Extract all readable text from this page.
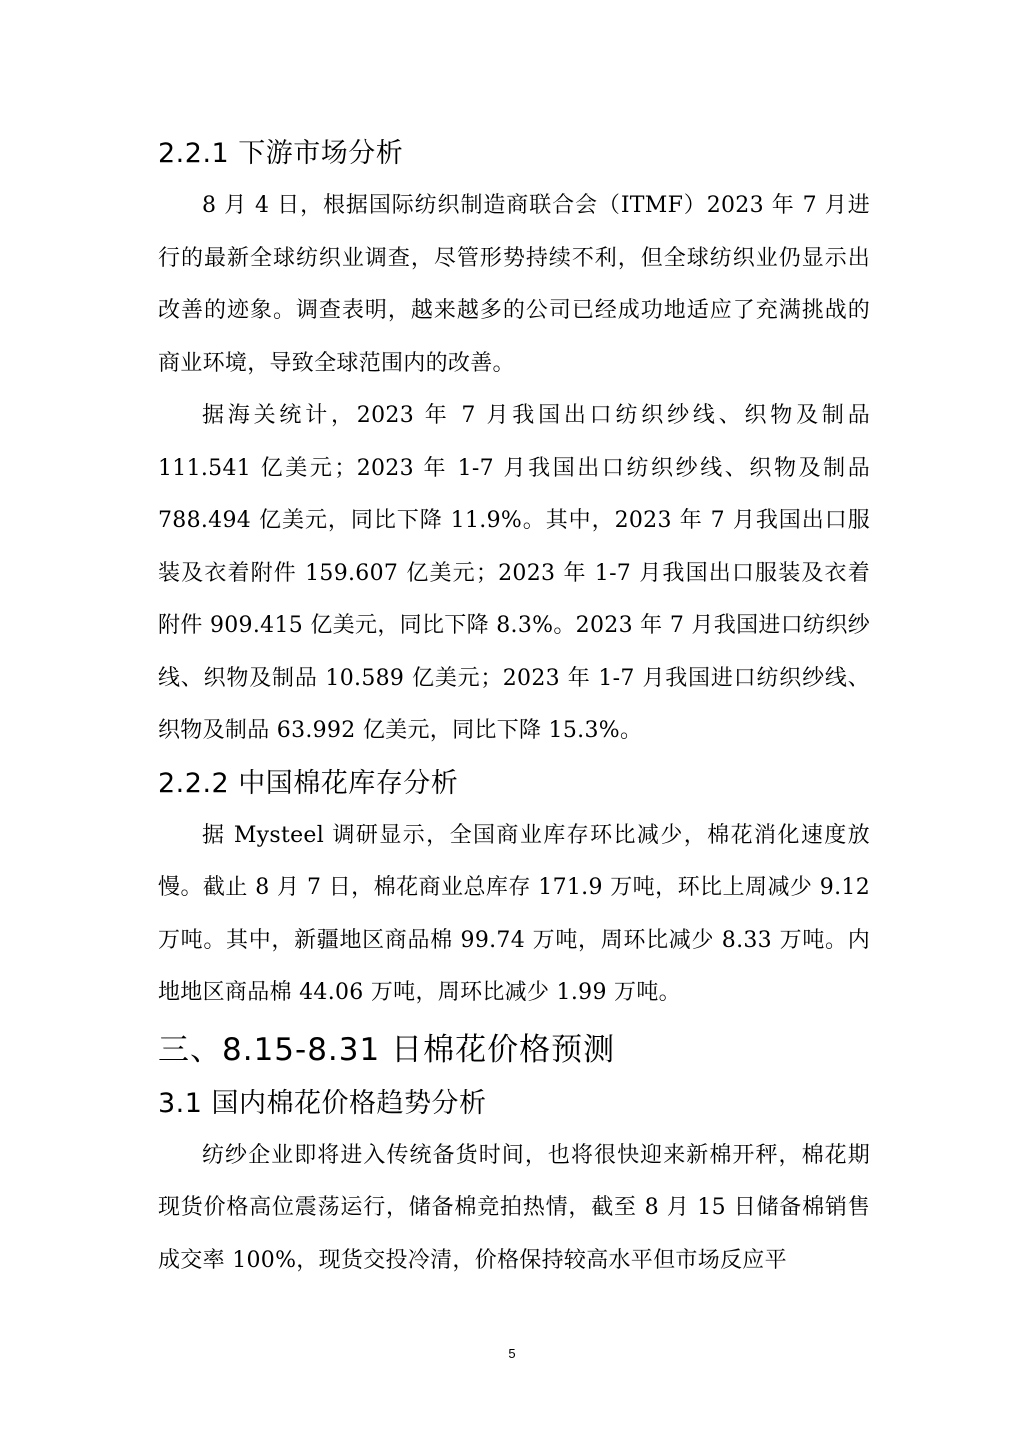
2.2.1 下游市场分析

8 月 4 日，根据国际纺织制造商联合会（ITMF）2023 年 7 月进行的最新全球纺织业调查，尽管形势持续不利，但全球纺织业仍显示出改善的迹象。调查表明，越来越多的公司已经成功地适应了充满挑战的商业环境，导致全球范围内的改善。

据海关统计，2023 年 7 月我国出口纺织纱线、织物及制品 111.541 亿美元；2023 年 1-7 月我国出口纺织纱线、织物及制品 788.494 亿美元，同比下降 11.9%。其中，2023 年 7 月我国出口服装及衣着附件 159.607 亿美元；2023 年 1-7 月我国出口服装及衣着附件 909.415 亿美元，同比下降 8.3%。2023 年 7 月我国进口纺织纱线、织物及制品 10.589 亿美元；2023 年 1-7 月我国进口纺织纱线、织物及制品 63.992 亿美元，同比下降 15.3%。

2.2.2 中国棉花库存分析

据 Mysteel 调研显示，全国商业库存环比减少，棉花消化速度放慢。截止 8 月 7 日，棉花商业总库存 171.9 万吨，环比上周减少 9.12 万吨。其中，新疆地区商品棉 99.74 万吨，周环比减少 8.33 万吨。内地地区商品棉 44.06 万吨，周环比减少 1.99 万吨。

三、8.15-8.31 日棉花价格预测
3.1 国内棉花价格趋势分析

纺纱企业即将进入传统备货时间，也将很快迎来新棉开秤，棉花期现货价格高位震荡运行，储备棉竞拍热情，截至 8 月 15 日储备棉销售成交率 100%，现货交投冷清，价格保持较高水平但市场反应平

5
